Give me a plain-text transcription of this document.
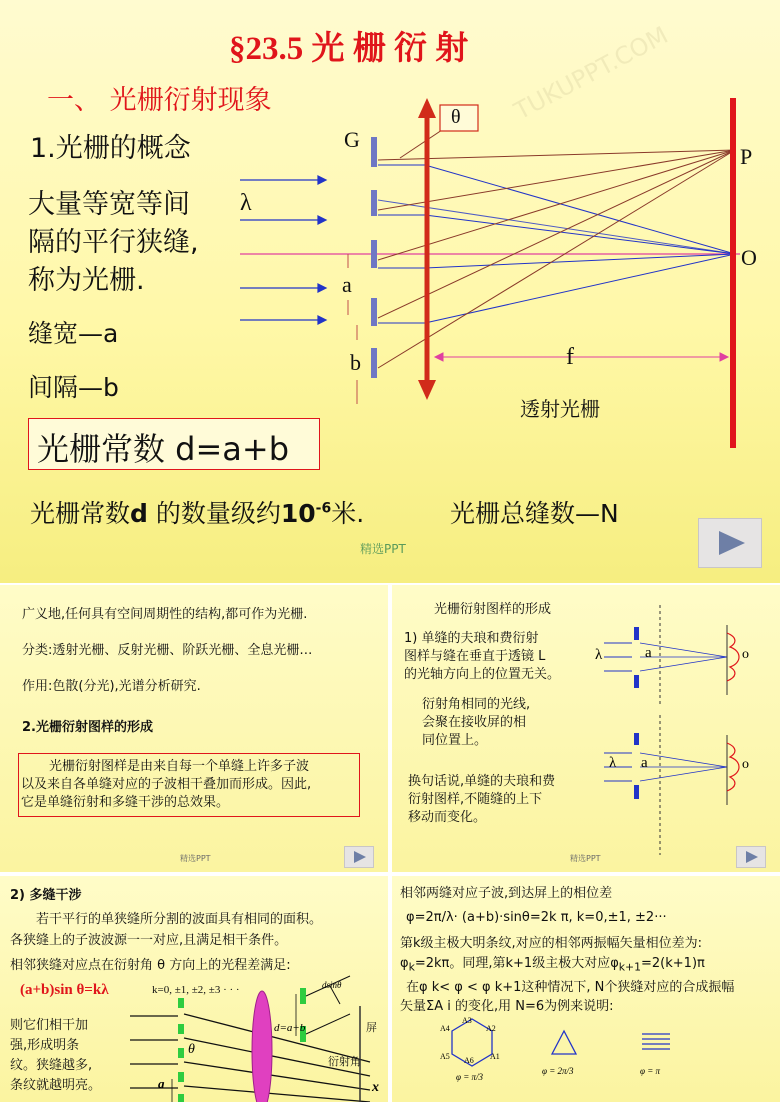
TUKUPPT.COM
§23.5 光 栅 衍 射
一、 光栅衍射现象
1.光栅的概念
大量等宽等间
隔的平行狭缝,
称为光栅.
缝宽—a
间隔—b
光栅常数 d=a+b
光栅常数d 的数量级约$10^{-6}$米.	光栅总缝数—N
精选PPT
G
θ
λ
a
b
P
O
f
透射光栅
广义地,任何具有空间周期性的结构,都可作为光栅.
分类:透射光栅、反射光栅、阶跃光栅、全息光栅…
作用:色散(分光),光谱分析研究.
2.光栅衍射图样的形成
光栅衍射图样是由来自每一个单缝上许多子波
以及来自各单缝对应的子波相干叠加而形成。因此,
它是单缝衍射和多缝干涉的总效果。
精选PPT
光栅衍射图样的形成
1) 单缝的夫琅和费衍射
图样与缝在垂直于透镜 L
的光轴方向上的位置无关。
衍射角相同的光线,
会聚在接收屏的相
同位置上。
换句话说,单缝的夫琅和费
衍射图样,不随缝的上下
移动而变化。
λ	a	o
λ a	o
精选PPT
2) 多缝干涉
若干平行的单狭缝所分割的波面具有相同的面积。
各狭缝上的子波波源一一对应,且满足相干条件。
相邻狭缝对应点在衍射角 θ 方向上的光程差满足:
(a+b)sin θ=kλ	k=0, ±1, ±2, ±3 · · ·
则它们相干加
强,形成明条
纹。狭缝越多,
条纹就越明亮。
d=a+b
dsinθ
衍射角
屏
θ
a	x
相邻两缝对应子波,到达屏上的相位差
φ=2π/λ· (a+b)·sinθ=2k π, k=0,±1, ±2···
第k级主极大明条纹,对应的相邻两振幅矢量相位差为:
$\varphi_k=2k\pi$。同理,第k+1级主极大对应$\varphi_{k+1}=2(k+1)\pi$
在φ k< φ < φ k+1这种情况下, N个狭缝对应的合成振幅
矢量ΣA i 的变化,用 N=6为例来说明:
A3
A2
A4
A5 A6 A1
φ = π/3
φ = 2π/3	φ = π
